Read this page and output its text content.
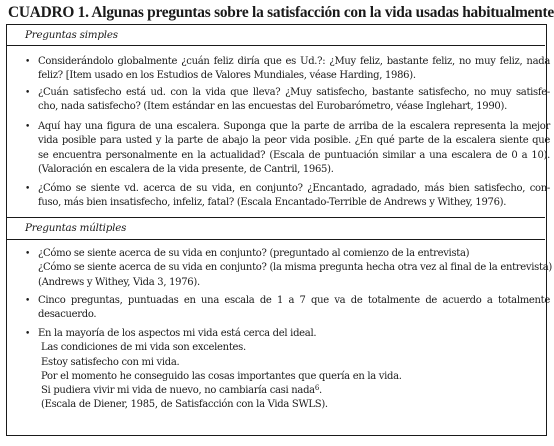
CUADRO 1. Algunas preguntas sobre la satisfacción con la vida usadas habitualmente
Preguntas simples
• Considerándolo globalmente ¿cuán feliz diría que es Ud.?: ¿Muy feliz, bastante feliz, no muy feliz, nada
feliz? [Item usado en los Estudios de Valores Mundiales, véase Harding, 1986).
• ¿Cuán satisfecho está ud. con la vida que lleva? ¿Muy satisfecho, bastante satisfecho, no muy satisfe-
cho, nada satisfecho? (Item estándar en las encuestas del Eurobarómetro, véase Inglehart, 1990).
• Aquí hay una figura de una escalera. Suponga que la parte de arriba de la escalera representa la mejor
vida posible para usted y la parte de abajo la peor vida posible. ¿En qué parte de la escalera siente que
se encuentra personalmente en la actualidad? (Escala de puntuación similar a una escalera de 0 a 10).
(Valoración en escalera de la vida presente, de Cantril, 1965).
• ¿Cómo se siente vd. acerca de su vida, en conjunto? ¿Encantado, agradado, más bien satisfecho, con-
fuso, más bien insatisfecho, infeliz, fatal? (Escala Encantado-Terrible de Andrews y Withey, 1976).
Preguntas múltiples
• ¿Cómo se siente acerca de su vida en conjunto? (preguntado al comienzo de la entrevista)
¿Cómo se siente acerca de su vida en conjunto? (la misma pregunta hecha otra vez al final de la entrevista)
(Andrews y Withey, Vida 3, 1976).
• Cinco preguntas, puntuadas en una escala de 1 a 7 que va de totalmente de acuerdo a totalmente
desacuerdo.
• En la mayoría de los aspectos mi vida está cerca del ideal.
Las condiciones de mi vida son excelentes.
Estoy satisfecho con mi vida.
Por el momento he conseguido las cosas importantes que quería en la vida.
Si pudiera vivir mi vida de nuevo, no cambiaría casi nada$^6$.
(Escala de Diener, 1985, de Satisfacción con la Vida SWLS).
